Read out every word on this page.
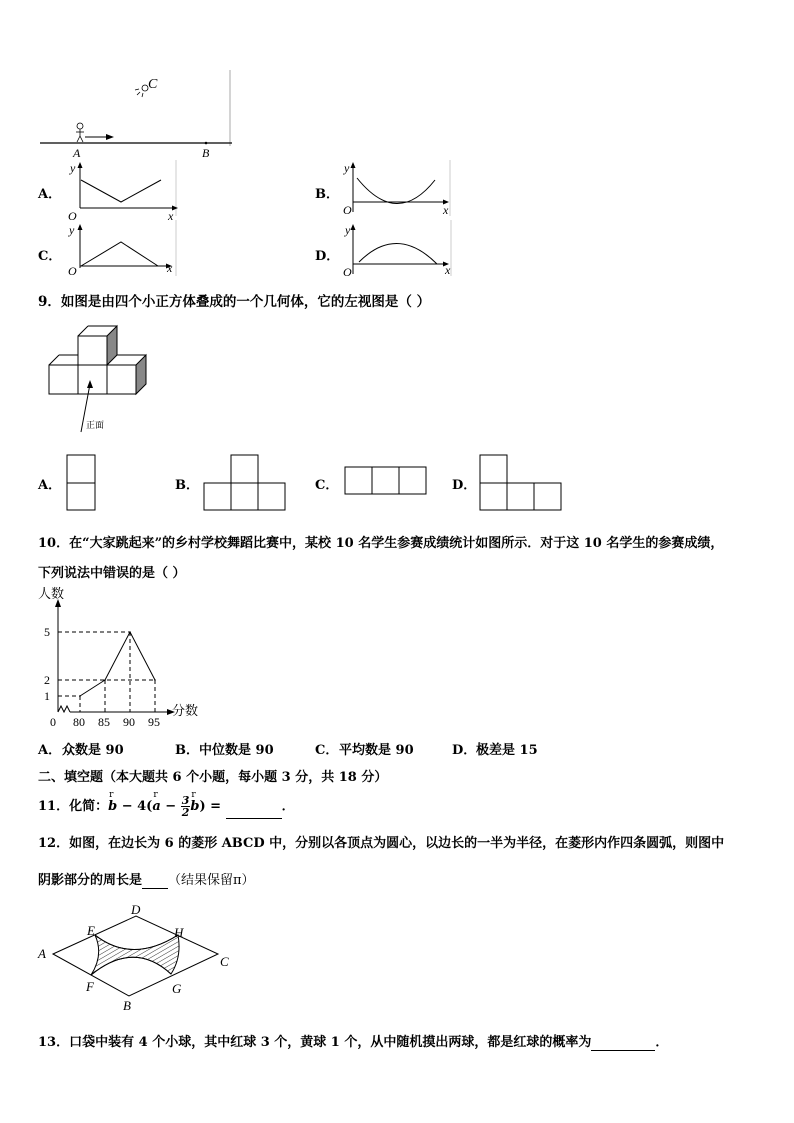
C
A	B
A．
y
x
O
B．
y
x
O
C．
y
x
O
D．
y
x
O
9．如图是由四个小正方体叠成的一个几何体，它的左视图是（ ）
正面
A．	B．	C．	D．
10．在“大家跳起来”的乡村学校舞蹈比赛中，某校 10 名学生参赛成绩统计如图所示．对于这 10 名学生的参赛成绩，
下列说法中错误的是（ ）
人数
分数
0 80 85 90 95
1
2
5
A． 众数是 90	B． 中位数是 90	C． 平均数是 90	D． 极差是 15
二、填空题（本大题共 6 个小题，每小题 3 分，共 18 分）
11．化简：
r
b − 4(
r
$a - \frac{3}{2}$ r
b) =	．
12．如图，在边长为 6 的菱形 ABCD 中，分别以各顶点为圆心，以边长的一半为半径，在菱形内作四条圆弧，则图中
阴影部分的周长是 （结果保留π）
A
D
C
B
E
F	G
H
13．口袋中装有 4 个小球，其中红球 3 个，黄球 1 个，从中随机摸出两球，都是红球的概率为	．
